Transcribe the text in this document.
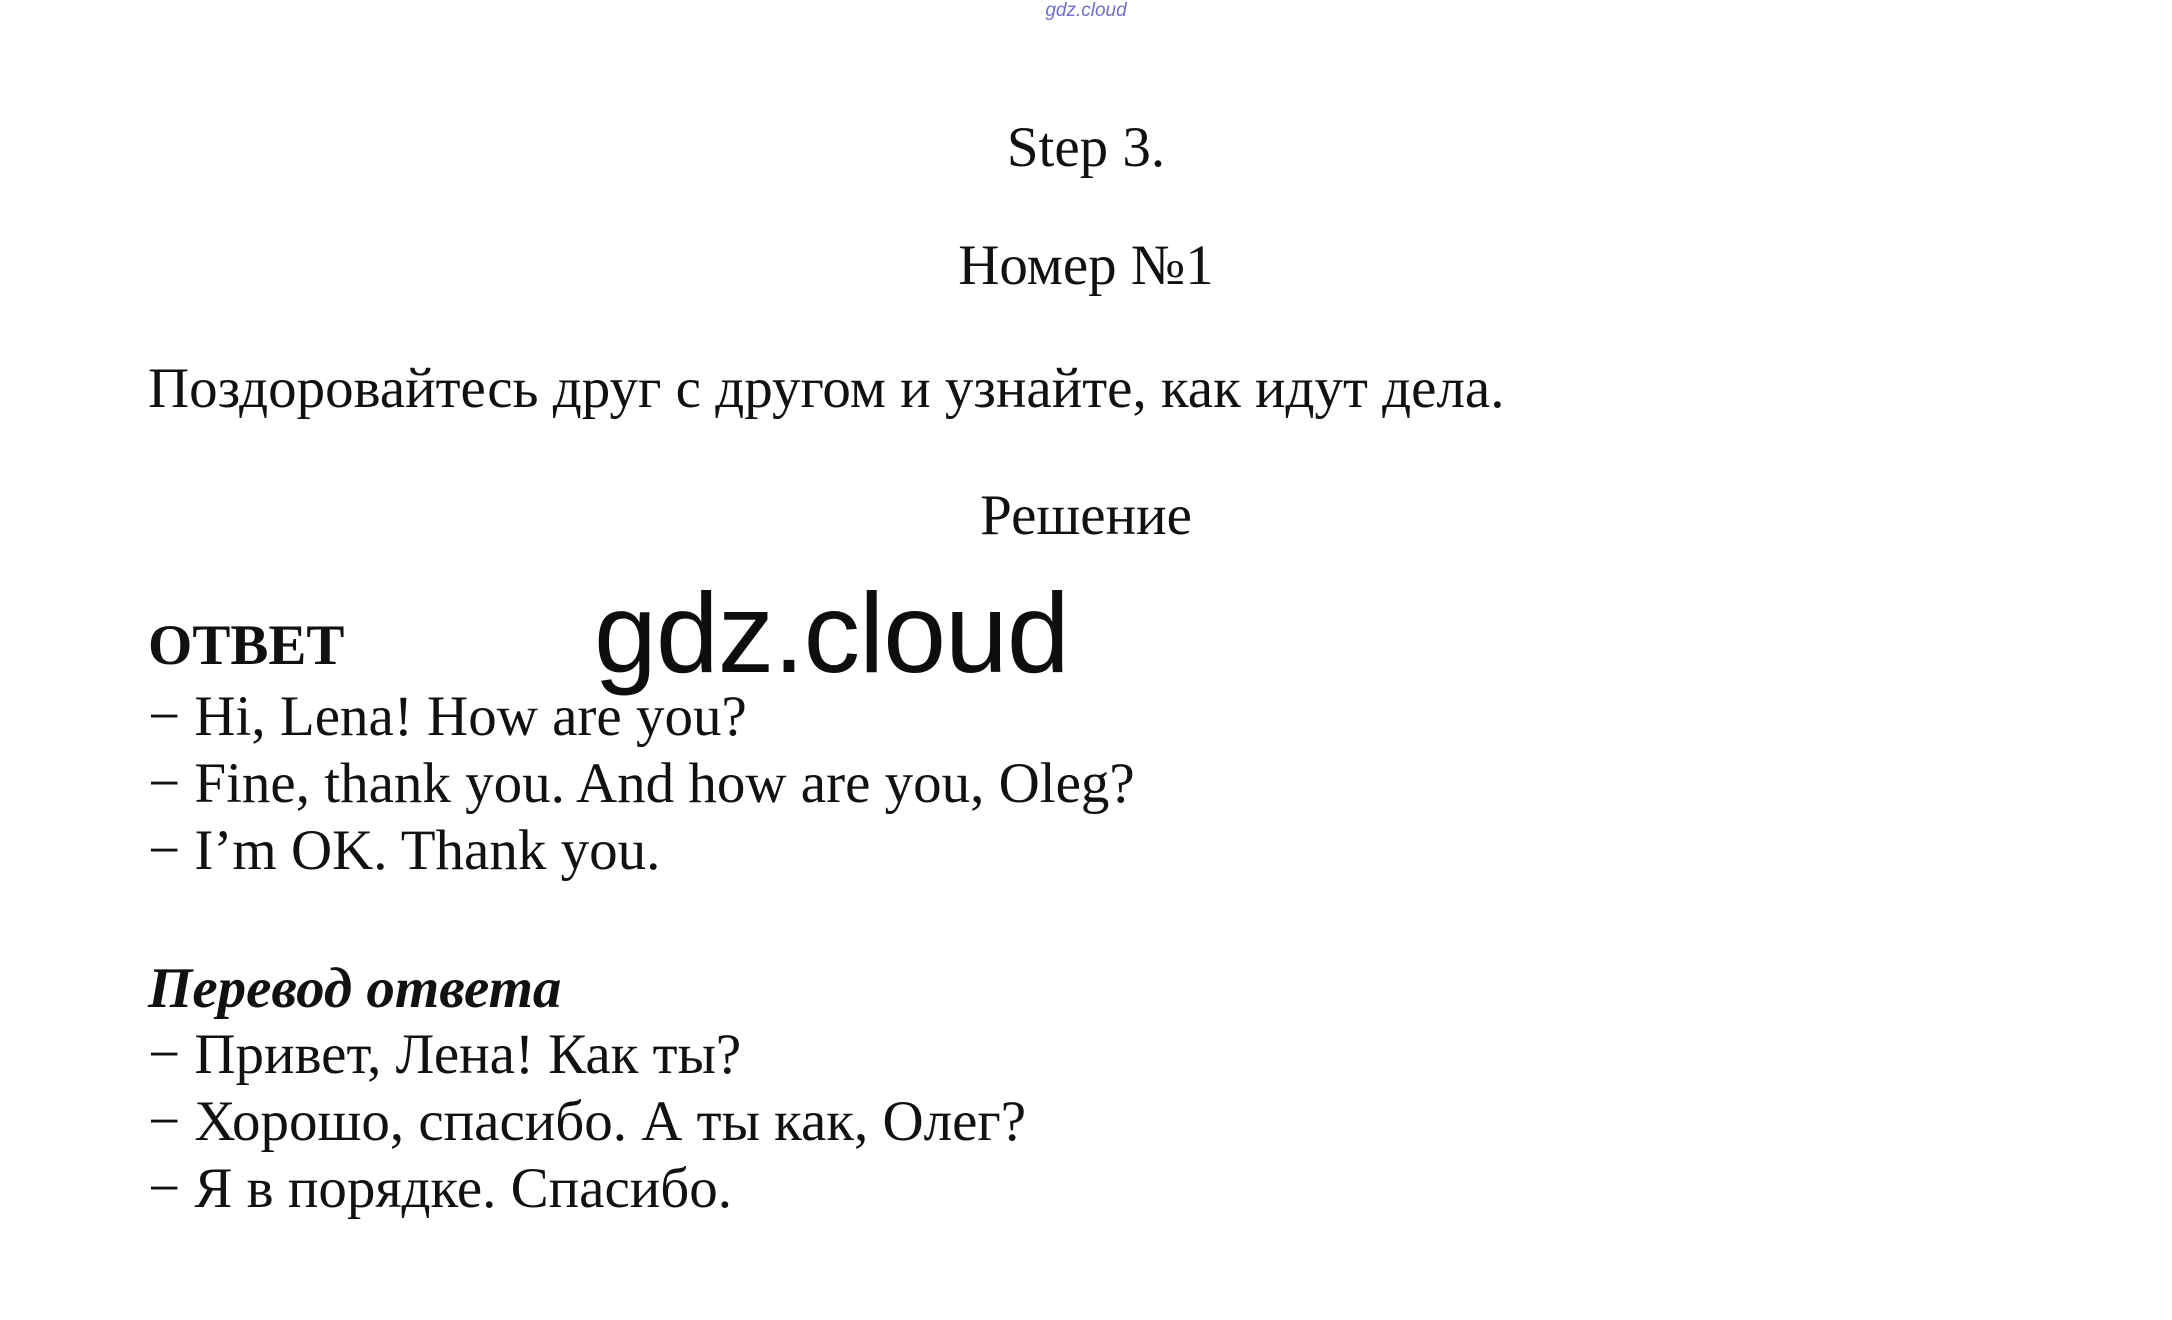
gdz.cloud
Step 3.
Номер №1
Поздоровайтесь друг с другом и узнайте, как идут дела.
Решение
ОТВЕТ gdz.cloud
− Hi, Lena! How are you?
− Fine, thank you. And how are you, Oleg?
− I’m OK. Thank you.
Перевод ответа
− Привет, Лена! Как ты?
− Хорошо, спасибо. А ты как, Олег?
− Я в порядке. Спасибо.
